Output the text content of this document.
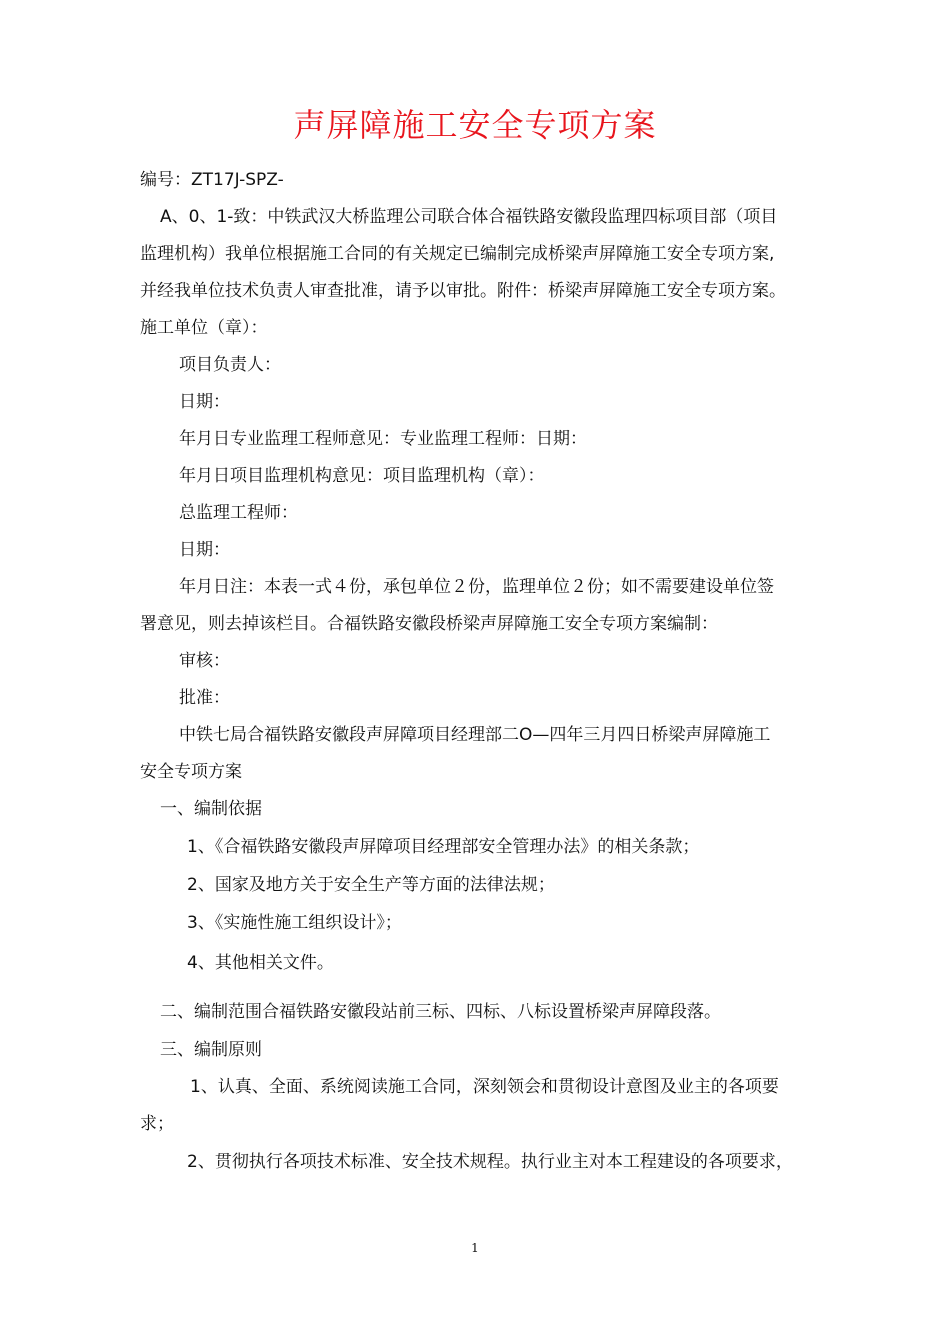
声屏障施工安全专项方案
编号：ZT17J-SPZ-
A、0、1-致：中铁武汉大桥监理公司联合体合福铁路安徽段监理四标项目部（项目
监理机构）我单位根据施工合同的有关规定已编制完成桥梁声屏障施工安全专项方案,
并经我单位技术负责人审查批准，请予以审批。附件：桥梁声屏障施工安全专项方案。
施工单位（章）：
项目负责人：
日期：
年月日专业监理工程师意见：专业监理工程师：日期：
年月日项目监理机构意见：项目监理机构（章）：
总监理工程师：
日期：
年月日注：本表一式４份，承包单位２份，监理单位２份；如不需要建设单位签
署意见，则去掉该栏目。合福铁路安徽段桥梁声屏障施工安全专项方案编制：
审核：
批准：
中铁七局合福铁路安徽段声屏障项目经理部二O—四年三月四日桥梁声屏障施工
安全专项方案
一、编制依据
1、《合福铁路安徽段声屏障项目经理部安全管理办法》的相关条款；
2、国家及地方关于安全生产等方面的法律法规；
3、《实施性施工组织设计》；
4、其他相关文件。
二、编制范围合福铁路安徽段站前三标、四标、八标设置桥梁声屏障段落。
三、编制原则
1、认真、全面、系统阅读施工合同，深刻领会和贯彻设计意图及业主的各项要
求；
2、贯彻执行各项技术标准、安全技术规程。执行业主对本工程建设的各项要求，
1
